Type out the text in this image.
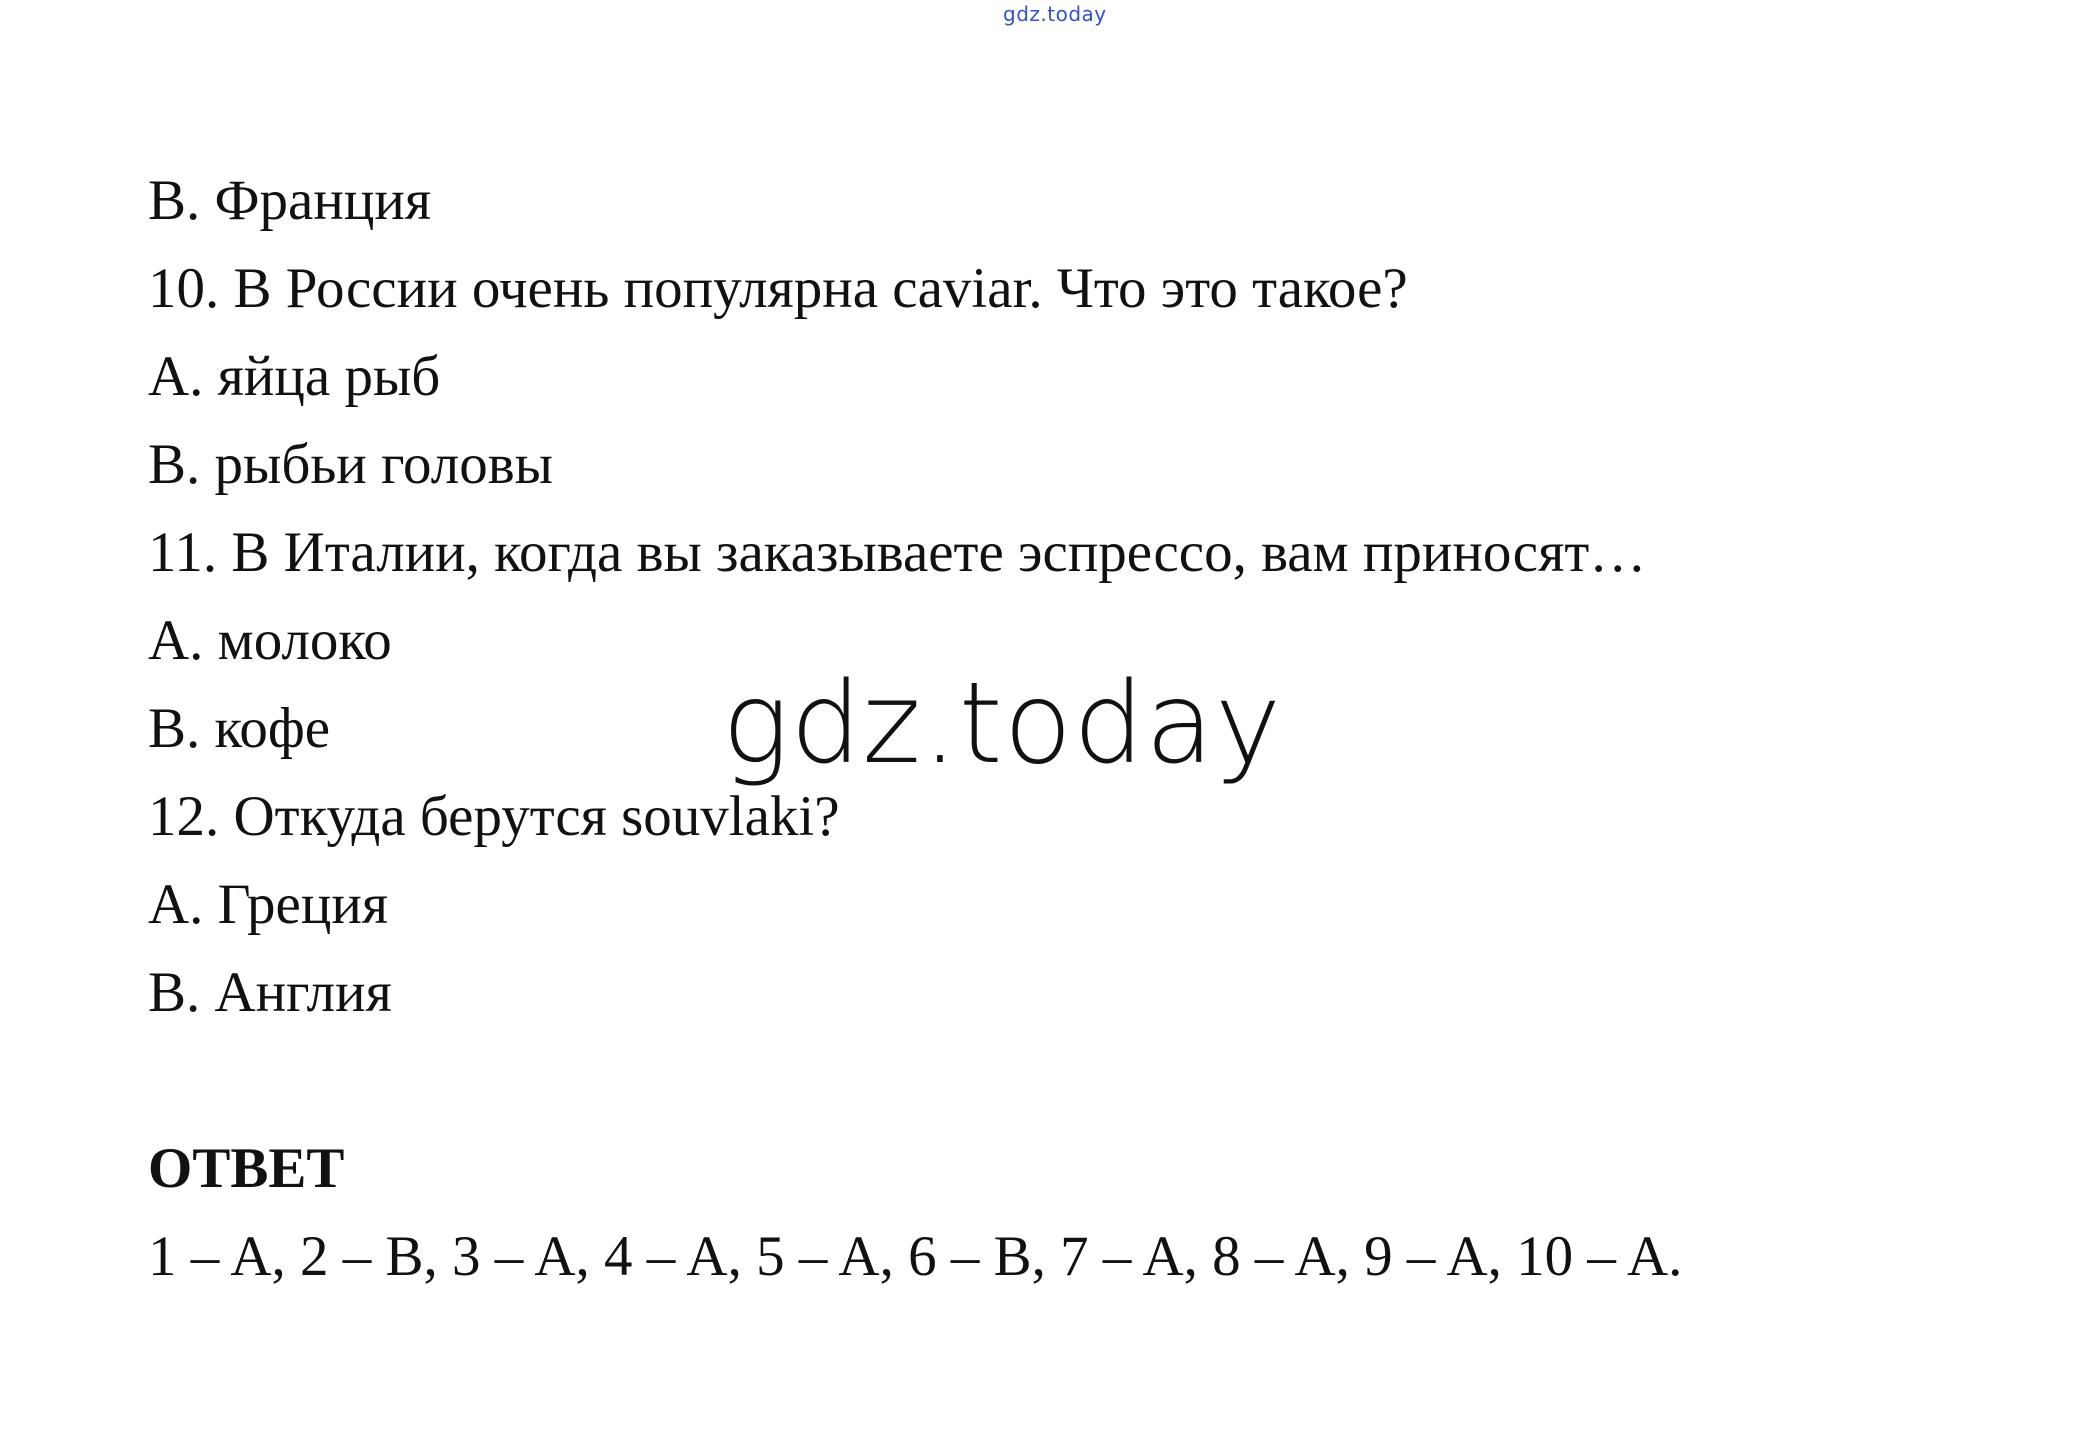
gdz.today
B. Франция
10. В России очень популярна caviar. Что это такое?
A. яйца рыб
B. рыбьи головы
11. В Италии, когда вы заказываете эспрессо, вам приносят…
A. молоко
B. кофе
12. Откуда берутся souvlaki?
A. Греция
B. Англия
ОТВЕТ
1 – A, 2 – B, 3 – A, 4 – A, 5 – A, 6 – B, 7 – A, 8 – A, 9 – A, 10 – A.
gdz.today
